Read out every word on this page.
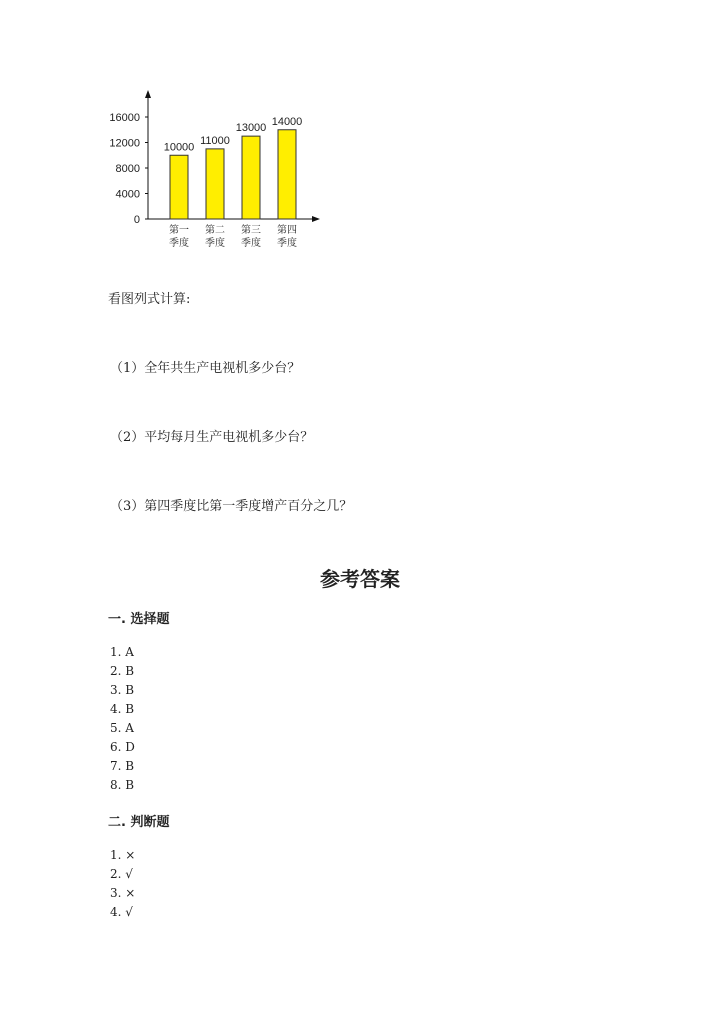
0
4000
8000
12000
16000
10000
第一
季度
11000
第二
季度
13000
第三
季度
14000
第四
季度
看图列式计算:
（1）全年共生产电视机多少台？
（2）平均每月生产电视机多少台？
（3）第四季度比第一季度增产百分之几？
参考答案
一. 选择题
1. A
2. B
3. B
4. B
5. A
6. D
7. B
8. B
二. 判断题
1. ×
2. √
3. ×
4. √
